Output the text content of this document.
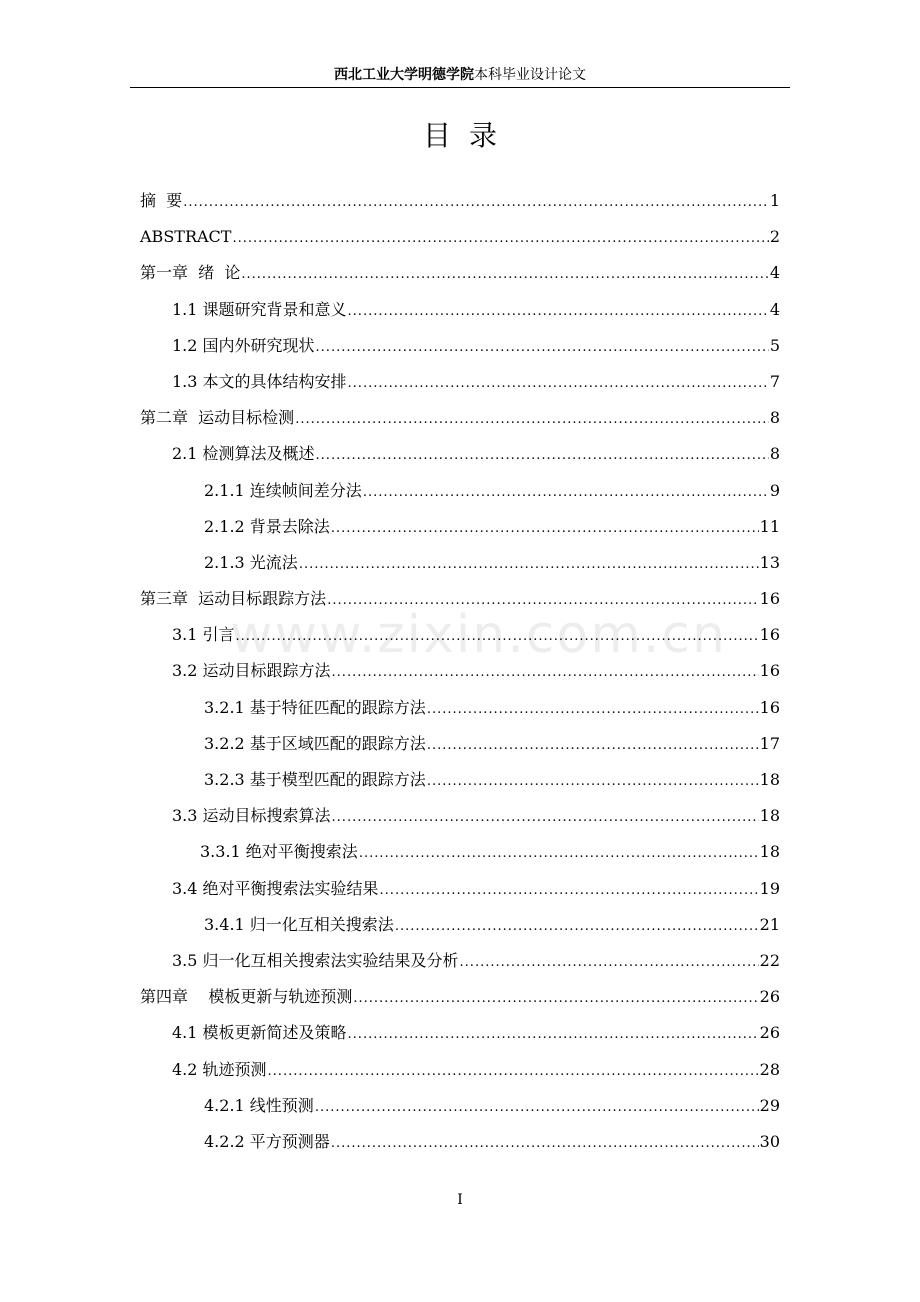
西北工业大学明德学院本科毕业设计论文
目录
www.zixin.com.cn
摘  要 .....	1
ABSTRACT .....	2
第一章  绪  论 .....	4
1.1 课题研究背景和意义 .....	4
1.2 国内外研究现状 .....	5
1.3 本文的具体结构安排 .....	7
第二章  运动目标检测 .....	8
2.1 检测算法及概述 .....	8
2.1.1 连续帧间差分法 .....	9
2.1.2 背景去除法 .....	11
2.1.3 光流法 .....	13
第三章  运动目标跟踪方法 .....	16
3.1 引言 .....	16
3.2 运动目标跟踪方法 .....	16
3.2.1 基于特征匹配的跟踪方法 .....	16
3.2.2 基于区域匹配的跟踪方法 .....	17
3.2.3 基于模型匹配的跟踪方法 .....	18
3.3 运动目标搜索算法 .....	18
3.3.1 绝对平衡搜索法 .....	18
3.4 绝对平衡搜索法实验结果 .....	19
3.4.1 归一化互相关搜索法 .....	21
3.5 归一化互相关搜索法实验结果及分析 .....	22
第四章    模板更新与轨迹预测 .....	26
4.1 模板更新简述及策略 .....	26
4.2 轨迹预测 .....	28
4.2.1 线性预测 .....	29
4.2.2 平方预测器 .....	30
I
